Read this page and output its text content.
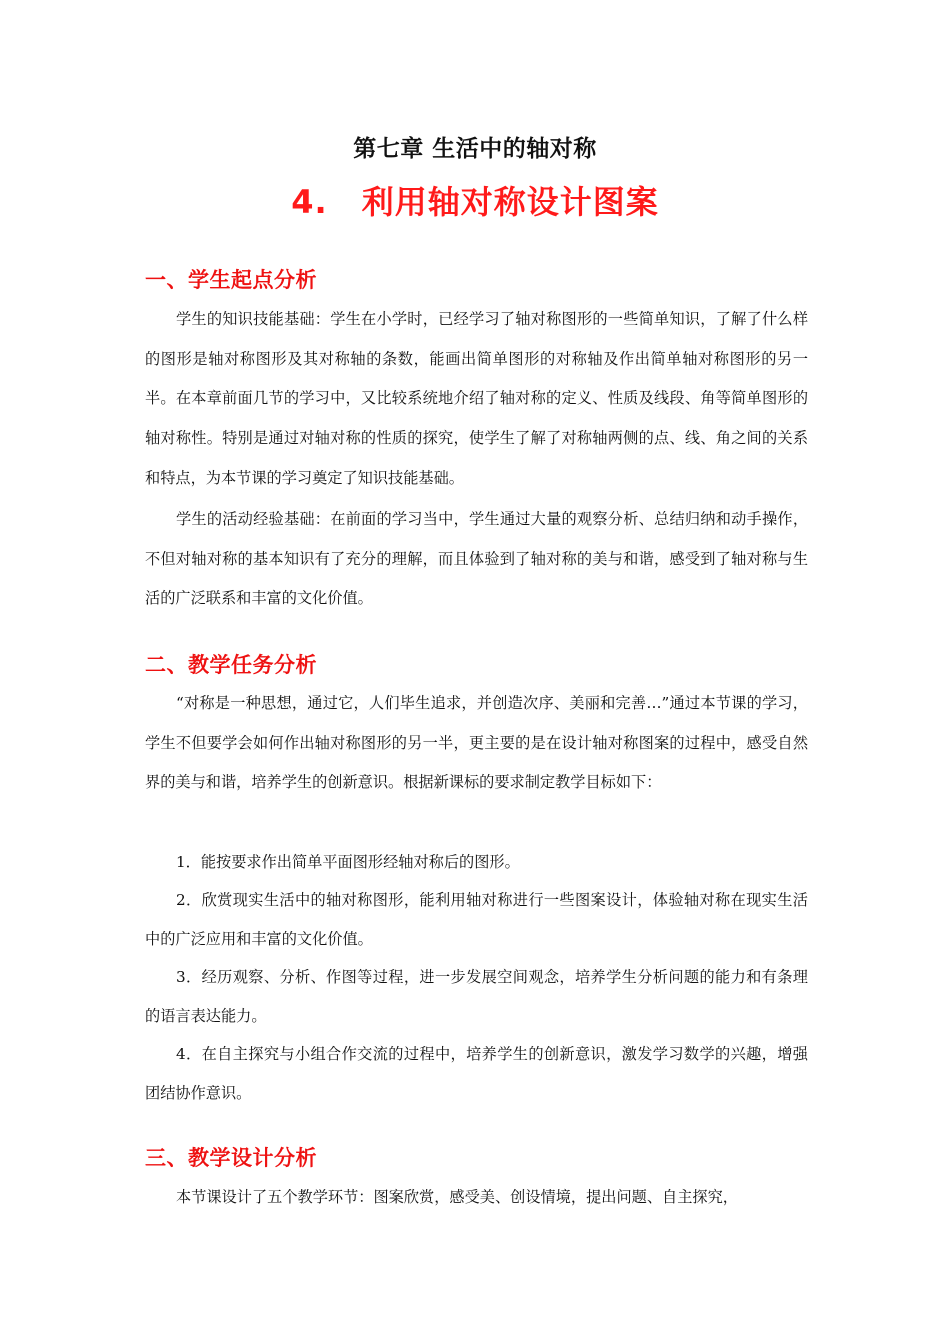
第七章 生活中的轴对称
4. 利用轴对称设计图案
一、学生起点分析
学生的知识技能基础：学生在小学时，已经学习了轴对称图形的一些简单知识，了解了什么样的图形是轴对称图形及其对称轴的条数，能画出简单图形的对称轴及作出简单轴对称图形的另一半。在本章前面几节的学习中，又比较系统地介绍了轴对称的定义、性质及线段、角等简单图形的轴对称性。特别是通过对轴对称的性质的探究，使学生了解了对称轴两侧的点、线、角之间的关系和特点，为本节课的学习奠定了知识技能基础。
学生的活动经验基础：在前面的学习当中，学生通过大量的观察分析、总结归纳和动手操作，不但对轴对称的基本知识有了充分的理解，而且体验到了轴对称的美与和谐，感受到了轴对称与生活的广泛联系和丰富的文化价值。
二、教学任务分析
“对称是一种思想，通过它，人们毕生追求，并创造次序、美丽和完善…”通过本节课的学习，学生不但要学会如何作出轴对称图形的另一半，更主要的是在设计轴对称图案的过程中，感受自然界的美与和谐，培养学生的创新意识。根据新课标的要求制定教学目标如下：
1．能按要求作出简单平面图形经轴对称后的图形。
2．欣赏现实生活中的轴对称图形，能利用轴对称进行一些图案设计，体验轴对称在现实生活中的广泛应用和丰富的文化价值。
3．经历观察、分析、作图等过程，进一步发展空间观念，培养学生分析问题的能力和有条理的语言表达能力。
4．在自主探究与小组合作交流的过程中，培养学生的创新意识，激发学习数学的兴趣，增强团结协作意识。
三、教学设计分析
本节课设计了五个教学环节：图案欣赏，感受美、创设情境，提出问题、自主探究，
